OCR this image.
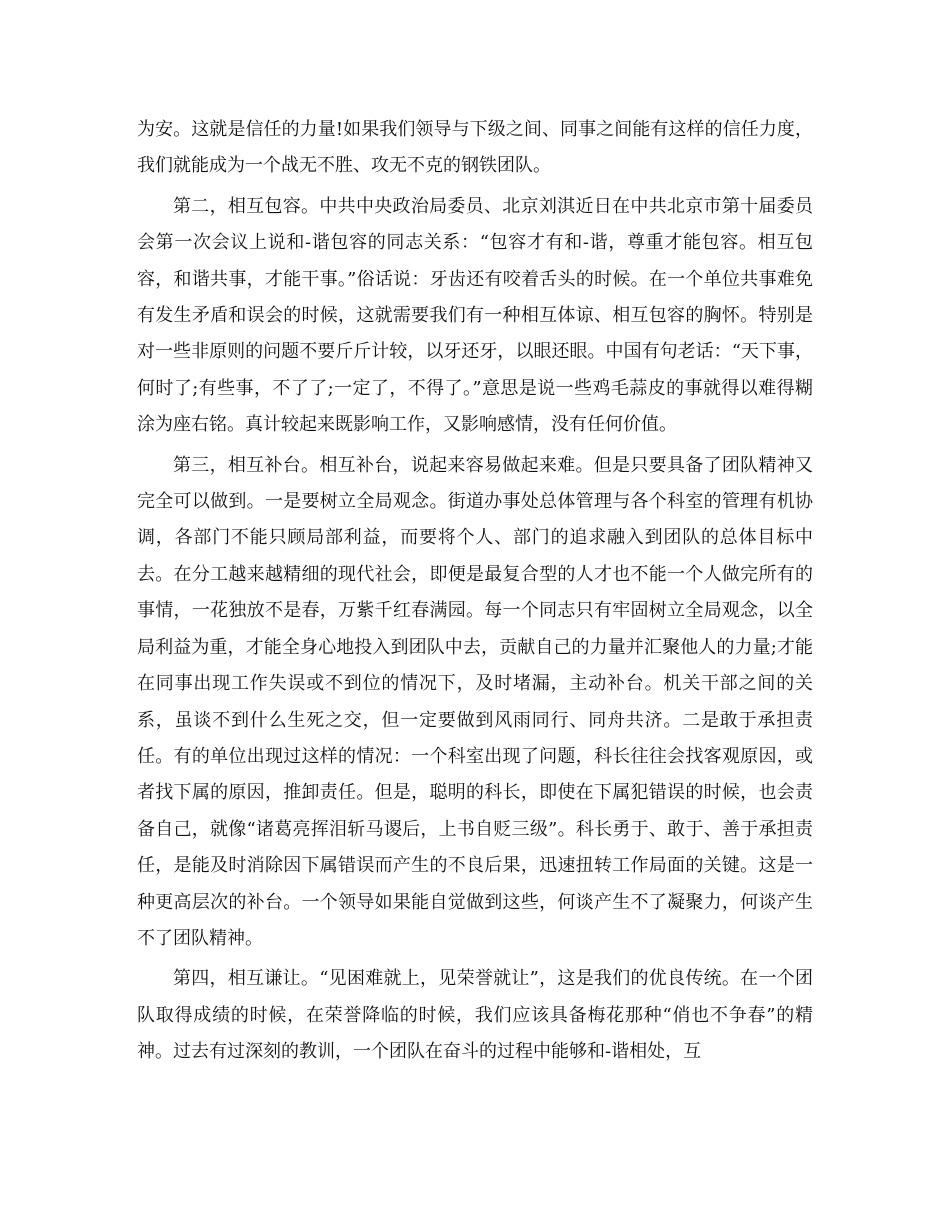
为安。这就是信任的力量!如果我们领导与下级之间、同事之间能有这样的信任力度，我们就能成为一个战无不胜、攻无不克的钢铁团队。

第二，相互包容。中共中央政治局委员、北京刘淇近日在中共北京市第十届委员会第一次会议上说和-谐包容的同志关系：“包容才有和-谐，尊重才能包容。相互包容，和谐共事，才能干事。”俗话说：牙齿还有咬着舌头的时候。在一个单位共事难免有发生矛盾和误会的时候，这就需要我们有一种相互体谅、相互包容的胸怀。特别是对一些非原则的问题不要斤斤计较，以牙还牙，以眼还眼。中国有句老话：“天下事，何时了;有些事，不了了;一定了，不得了。”意思是说一些鸡毛蒜皮的事就得以难得糊涂为座右铭。真计较起来既影响工作，又影响感情，没有任何价值。

第三，相互补台。相互补台，说起来容易做起来难。但是只要具备了团队精神又完全可以做到。一是要树立全局观念。街道办事处总体管理与各个科室的管理有机协调，各部门不能只顾局部利益，而要将个人、部门的追求融入到团队的总体目标中去。在分工越来越精细的现代社会，即便是最复合型的人才也不能一个人做完所有的事情，一花独放不是春，万紫千红春满园。每一个同志只有牢固树立全局观念，以全局利益为重，才能全身心地投入到团队中去，贡献自己的力量并汇聚他人的力量;才能在同事出现工作失误或不到位的情况下，及时堵漏，主动补台。机关干部之间的关系，虽谈不到什么生死之交，但一定要做到风雨同行、同舟共济。二是敢于承担责任。有的单位出现过这样的情况：一个科室出现了问题，科长往往会找客观原因，或者找下属的原因，推卸责任。但是，聪明的科长，即使在下属犯错误的时候，也会责备自己，就像“诸葛亮挥泪斩马谡后，上书自贬三级”。科长勇于、敢于、善于承担责任，是能及时消除因下属错误而产生的不良后果，迅速扭转工作局面的关键。这是一种更高层次的补台。一个领导如果能自觉做到这些，何谈产生不了凝聚力，何谈产生不了团队精神。

第四，相互谦让。“见困难就上，见荣誉就让”，这是我们的优良传统。在一个团队取得成绩的时候，在荣誉降临的时候，我们应该具备梅花那种“俏也不争春”的精神。过去有过深刻的教训，一个团队在奋斗的过程中能够和-谐相处，互
